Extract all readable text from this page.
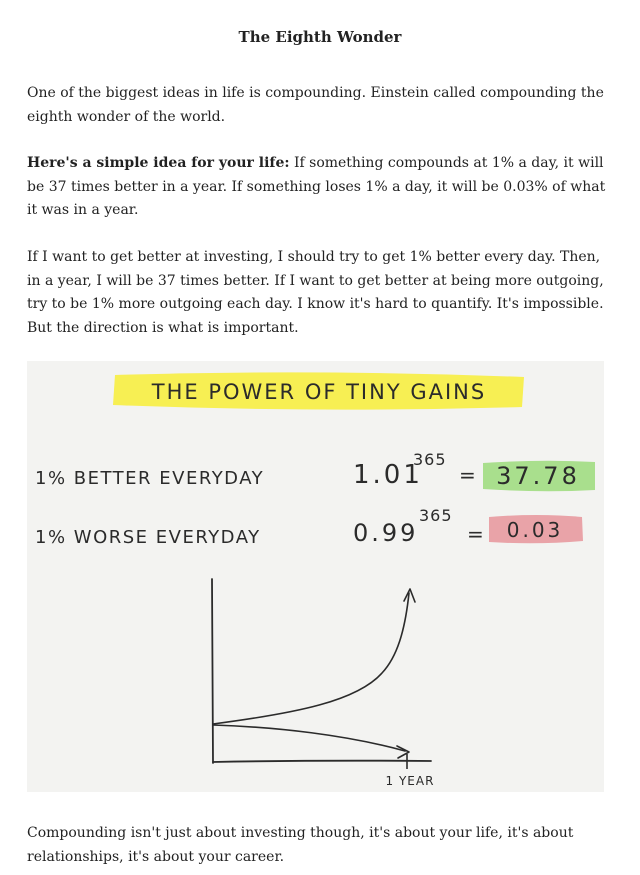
The Eighth Wonder

One of the biggest ideas in life is compounding. Einstein called compounding the eighth wonder of the world.

Here's a simple idea for your life: If something compounds at 1% a day, it will be 37 times better in a year. If something loses 1% a day, it will be 0.03% of what it was in a year.

If I want to get better at investing, I should try to get 1% better every day. Then, in a year, I will be 37 times better. If I want to get better at being more outgoing, try to be 1% more outgoing each day. I know it's hard to quantify. It's impossible. But the direction is what is important.

THE POWER OF TINY GAINS
1% BETTER EVERYDAY	1.01
365
= 37.78
1% WORSE EVERYDAY	0.99
365
= 0.03
1 YEAR

Compounding isn't just about investing though, it's about your life, it's about relationships, it's about your career.
